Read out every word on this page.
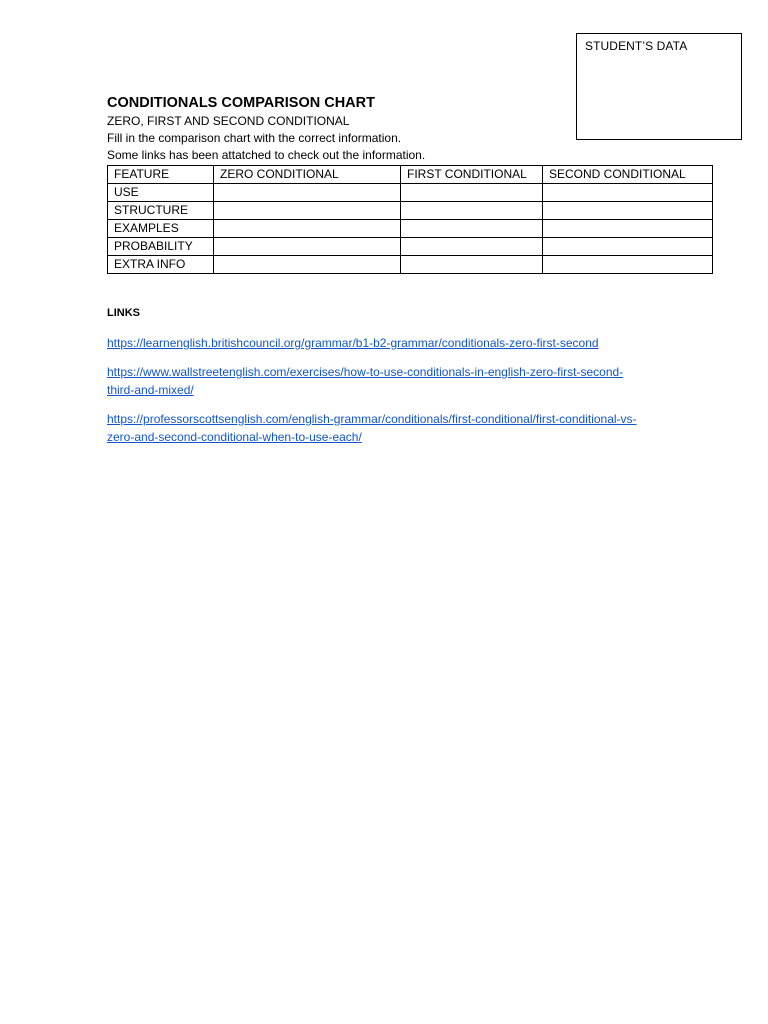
STUDENT’S DATA

CONDITIONALS COMPARISON CHART

ZERO, FIRST AND SECOND CONDITIONAL

Fill in the comparison chart with the correct information.

Some links has been attatched to check out the information.

FEATURE	ZERO CONDITIONAL	FIRST CONDITIONAL	SECOND CONDITIONAL
USE			
STRUCTURE			
EXAMPLES			
PROBABILITY			
EXTRA INFO			
LINKS
https://learnenglish.britishcouncil.org/grammar/b1-b2-grammar/conditionals-zero-first-second
https://www.wallstreetenglish.com/exercises/how-to-use-conditionals-in-english-zero-first-second-third-and-mixed/
https://professorscottsenglish.com/english-grammar/conditionals/first-conditional/first-conditional-vs-zero-and-second-conditional-when-to-use-each/
